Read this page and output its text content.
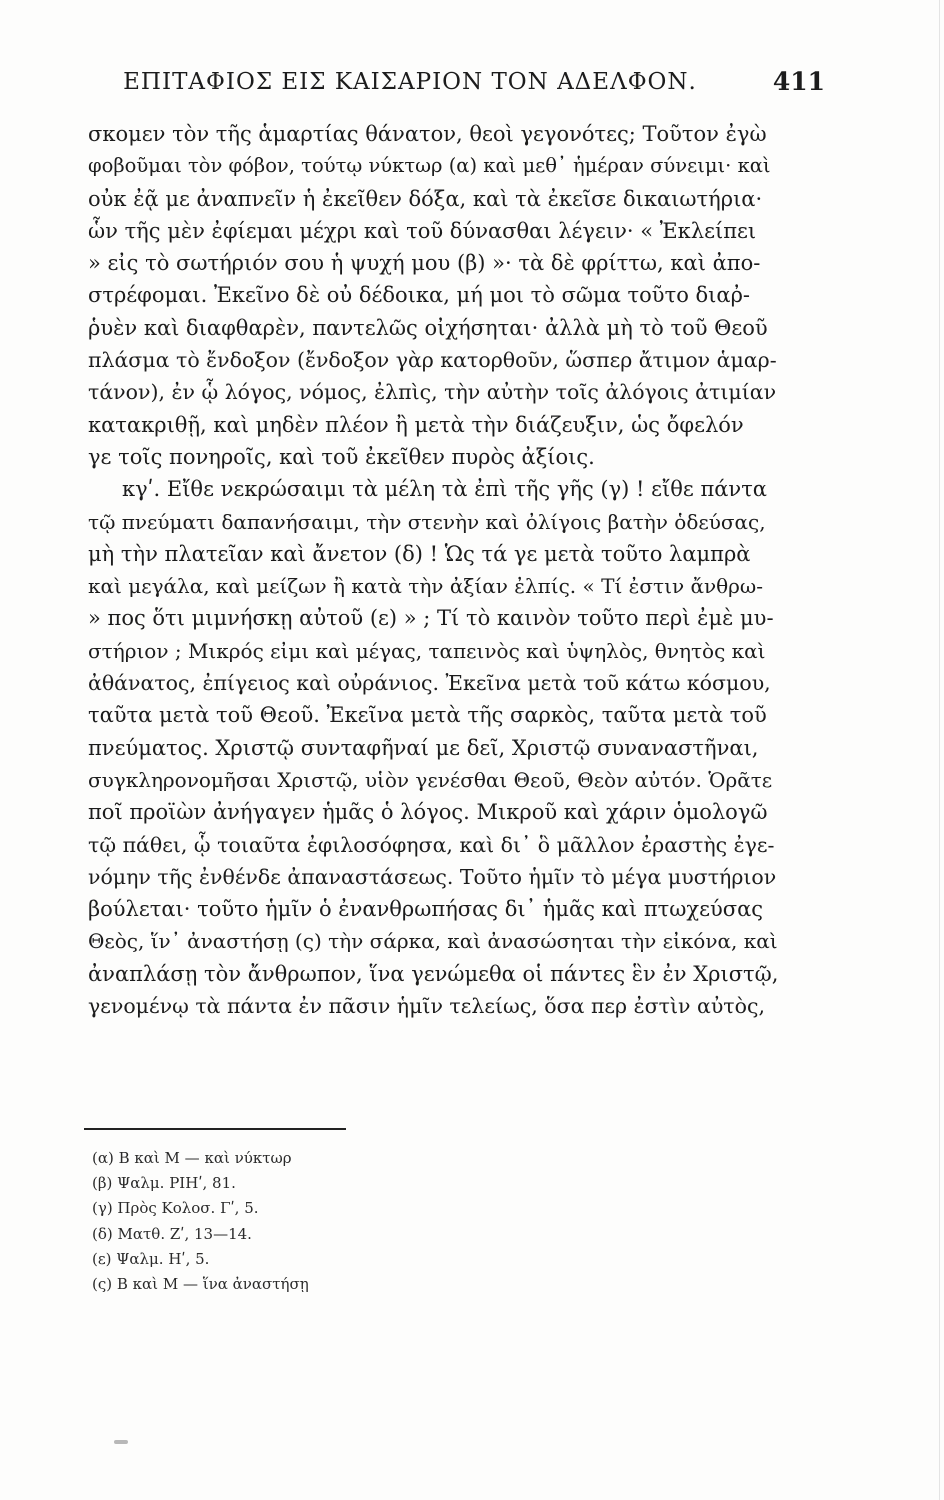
ΕΠΙΤΑΦΙΟΣ ΕΙΣ ΚΑΙΣΑΡΙΟΝ ΤΟΝ ΑΔΕΛΦΟΝ.	411
σκομεν τὸν τῆς ἁμαρτίας θάνατον, θεοὶ γεγονότες; Τοῦτον ἐγὼ
φοβοῦμαι τὸν φόβον, τούτῳ νύκτωρ (α) καὶ μεθ᾽ ἡμέραν σύνειμι· καὶ
οὐκ ἐᾷ με ἀναπνεῖν ἡ ἐκεῖθεν δόξα, καὶ τὰ ἐκεῖσε δικαιωτήρια·
ὧν τῆς μὲν ἐφίεμαι μέχρι καὶ τοῦ δύνασθαι λέγειν· « Ἐκλείπει
» εἰς τὸ σωτήριόν σου ἡ ψυχή μου (β) »· τὰ δὲ φρίττω, καὶ ἀπο-
στρέφομαι. Ἐκεῖνο δὲ οὐ δέδοικα, μή μοι τὸ σῶμα τοῦτο διαῤ-
ῥυὲν καὶ διαφθαρὲν, παντελῶς οἰχήσηται· ἀλλὰ μὴ τὸ τοῦ Θεοῦ
πλάσμα τὸ ἔνδοξον (ἔνδοξον γὰρ κατορθοῦν, ὥσπερ ἄτιμον ἁμαρ-
τάνον), ἐν ᾧ λόγος, νόμος, ἐλπὶς, τὴν αὐτὴν τοῖς ἀλόγοις ἀτιμίαν
κατακριθῇ, καὶ μηδὲν πλέον ἢ μετὰ τὴν διάζευξιν, ὡς ὄφελόν
γε τοῖς πονηροῖς, καὶ τοῦ ἐκεῖθεν πυρὸς ἀξίοις.
κγʹ. Εἴθε νεκρώσαιμι τὰ μέλη τὰ ἐπὶ τῆς γῆς (γ) ! εἴθε πάντα
τῷ πνεύματι δαπανήσαιμι, τὴν στενὴν καὶ ὀλίγοις βατὴν ὁδεύσας,
μὴ τὴν πλατεῖαν καὶ ἄνετον (δ) ! Ὡς τά γε μετὰ τοῦτο λαμπρὰ
καὶ μεγάλα, καὶ μείζων ἢ κατὰ τὴν ἀξίαν ἐλπίς. « Τί ἐστιν ἄνθρω-
» πος ὅτι μιμνήσκῃ αὐτοῦ (ε) » ; Τί τὸ καινὸν τοῦτο περὶ ἐμὲ μυ-
στήριον ; Μικρός εἰμι καὶ μέγας, ταπεινὸς καὶ ὑψηλὸς, θνητὸς καὶ
ἀθάνατος, ἐπίγειος καὶ οὐράνιος. Ἐκεῖνα μετὰ τοῦ κάτω κόσμου,
ταῦτα μετὰ τοῦ Θεοῦ. Ἐκεῖνα μετὰ τῆς σαρκὸς, ταῦτα μετὰ τοῦ
πνεύματος. Χριστῷ συνταφῆναί με δεῖ, Χριστῷ συναναστῆναι,
συγκληρονομῆσαι Χριστῷ, υἱὸν γενέσθαι Θεοῦ, Θεὸν αὐτόν. Ὁρᾶτε
ποῖ προϊὼν ἀνήγαγεν ἡμᾶς ὁ λόγος. Μικροῦ καὶ χάριν ὁμολογῶ
τῷ πάθει, ᾧ τοιαῦτα ἐφιλοσόφησα, καὶ δι᾽ ὃ μᾶλλον ἐραστὴς ἐγε-
νόμην τῆς ἐνθένδε ἀπαναστάσεως. Τοῦτο ἡμῖν τὸ μέγα μυστήριον
βούλεται· τοῦτο ἡμῖν ὁ ἐνανθρωπήσας δι᾽ ἡμᾶς καὶ πτωχεύσας
Θεὸς, ἵν᾽ ἀναστήσῃ (ς) τὴν σάρκα, καὶ ἀνασώσηται τὴν εἰκόνα, καὶ
ἀναπλάσῃ τὸν ἄνθρωπον, ἵνα γενώμεθα οἱ πάντες ἓν ἐν Χριστῷ,
γενομένῳ τὰ πάντα ἐν πᾶσιν ἡμῖν τελείως, ὅσα περ ἐστὶν αὐτὸς,
(α) Β καὶ Μ — καὶ νύκτωρ
(β) Ψαλμ. ΡΙΗʹ, 81.
(γ) Πρὸς Κολοσ. Γʹ, 5.
(δ) Ματθ. Ζʹ, 13—14.
(ε) Ψαλμ. Ηʹ, 5.
(ς) Β καὶ Μ — ἵνα ἀναστήσῃ
